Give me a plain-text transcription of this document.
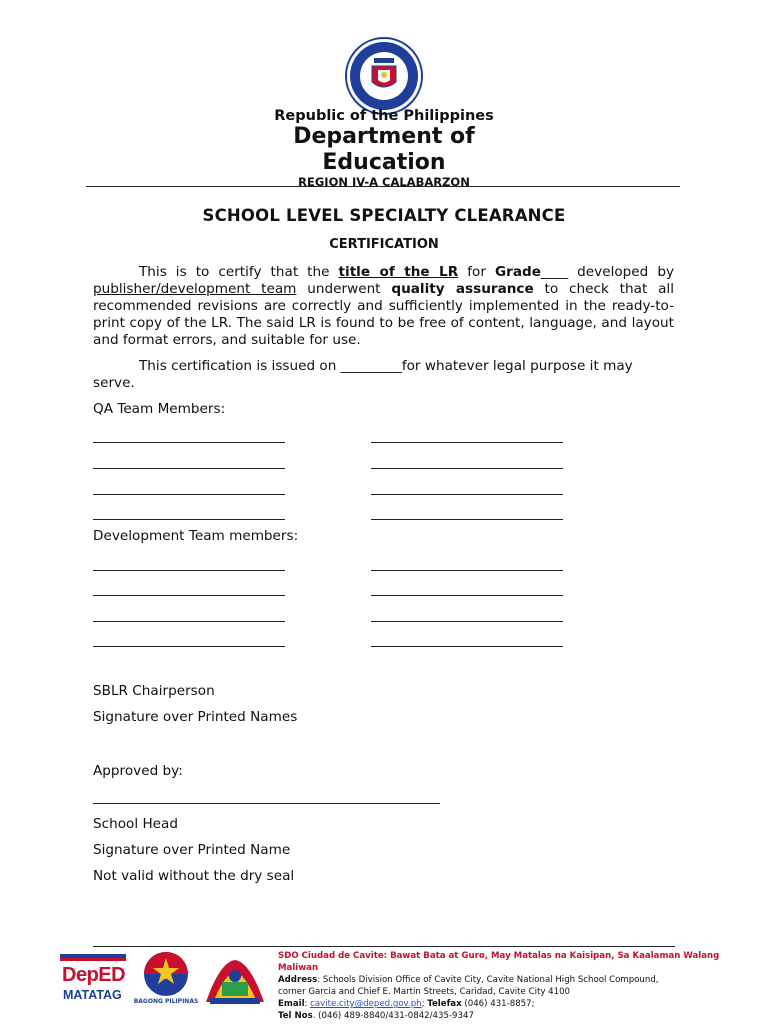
Republic of the Philippines
Department of
Education
REGION IV-A CALABARZON
SCHOOL LEVEL SPECIALTY CLEARANCE
CERTIFICATION
This is to certify that the title of the LR for Grade____ developed by publisher/development team underwent quality assurance to check that all recommended revisions are correctly and sufficiently implemented in the ready-to-print copy of the LR. The said LR is found to be free of content, language, and layout and format errors, and suitable for use.
This certification is issued on _________for whatever legal purpose it may
serve.
QA Team Members:
Development Team members:
SBLR Chairperson
Signature over Printed Names
Approved by:
School Head
Signature over Printed Name
Not valid without the dry seal
DepED
MATATAG BAGONG PILIPINAS
SDO Ciudad de Cavite: Bawat Bata at Guro, May Matalas na Kaisipan, Sa Kaalaman Walang Maliwan
Address: Schools Division Office of Cavite City, Cavite National High School Compound,
corner Garcia and Chief E. Martin Streets, Caridad, Cavite City 4100
Email: cavite.city@deped.gov.ph; Telefax (046) 431-8857;
Tel Nos. (046) 489-8840/431-0842/435-9347
